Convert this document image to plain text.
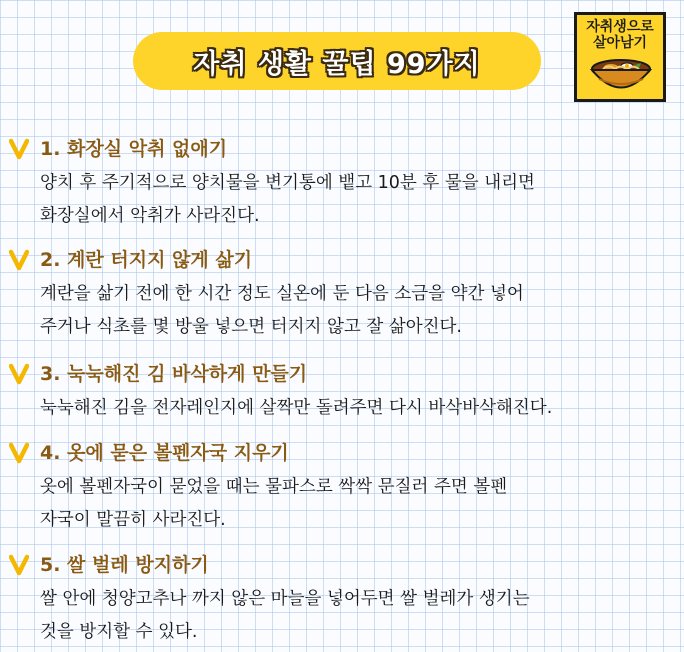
자취 생활 꿀팁 99가지
자취생으로
살아남기
1. 화장실 악취 없애기
양치 후 주기적으로 양치물을 변기통에 뱉고 10분 후 물을 내리면
화장실에서 악취가 사라진다.
2. 계란 터지지 않게 삶기
계란을 삶기 전에 한 시간 정도 실온에 둔 다음 소금을 약간 넣어
주거나 식초를 몇 방울 넣으면 터지지 않고 잘 삶아진다.
3. 눅눅해진 김 바삭하게 만들기
눅눅해진 김을 전자레인지에 살짝만 돌려주면 다시 바삭바삭해진다.
4. 옷에 묻은 볼펜자국 지우기
옷에 볼펜자국이 묻었을 때는 물파스로 싹싹 문질러 주면 볼펜
자국이 말끔히 사라진다.
5. 쌀 벌레 방지하기
쌀 안에 청양고추나 까지 않은 마늘을 넣어두면 쌀 벌레가 생기는
것을 방지할 수 있다.
